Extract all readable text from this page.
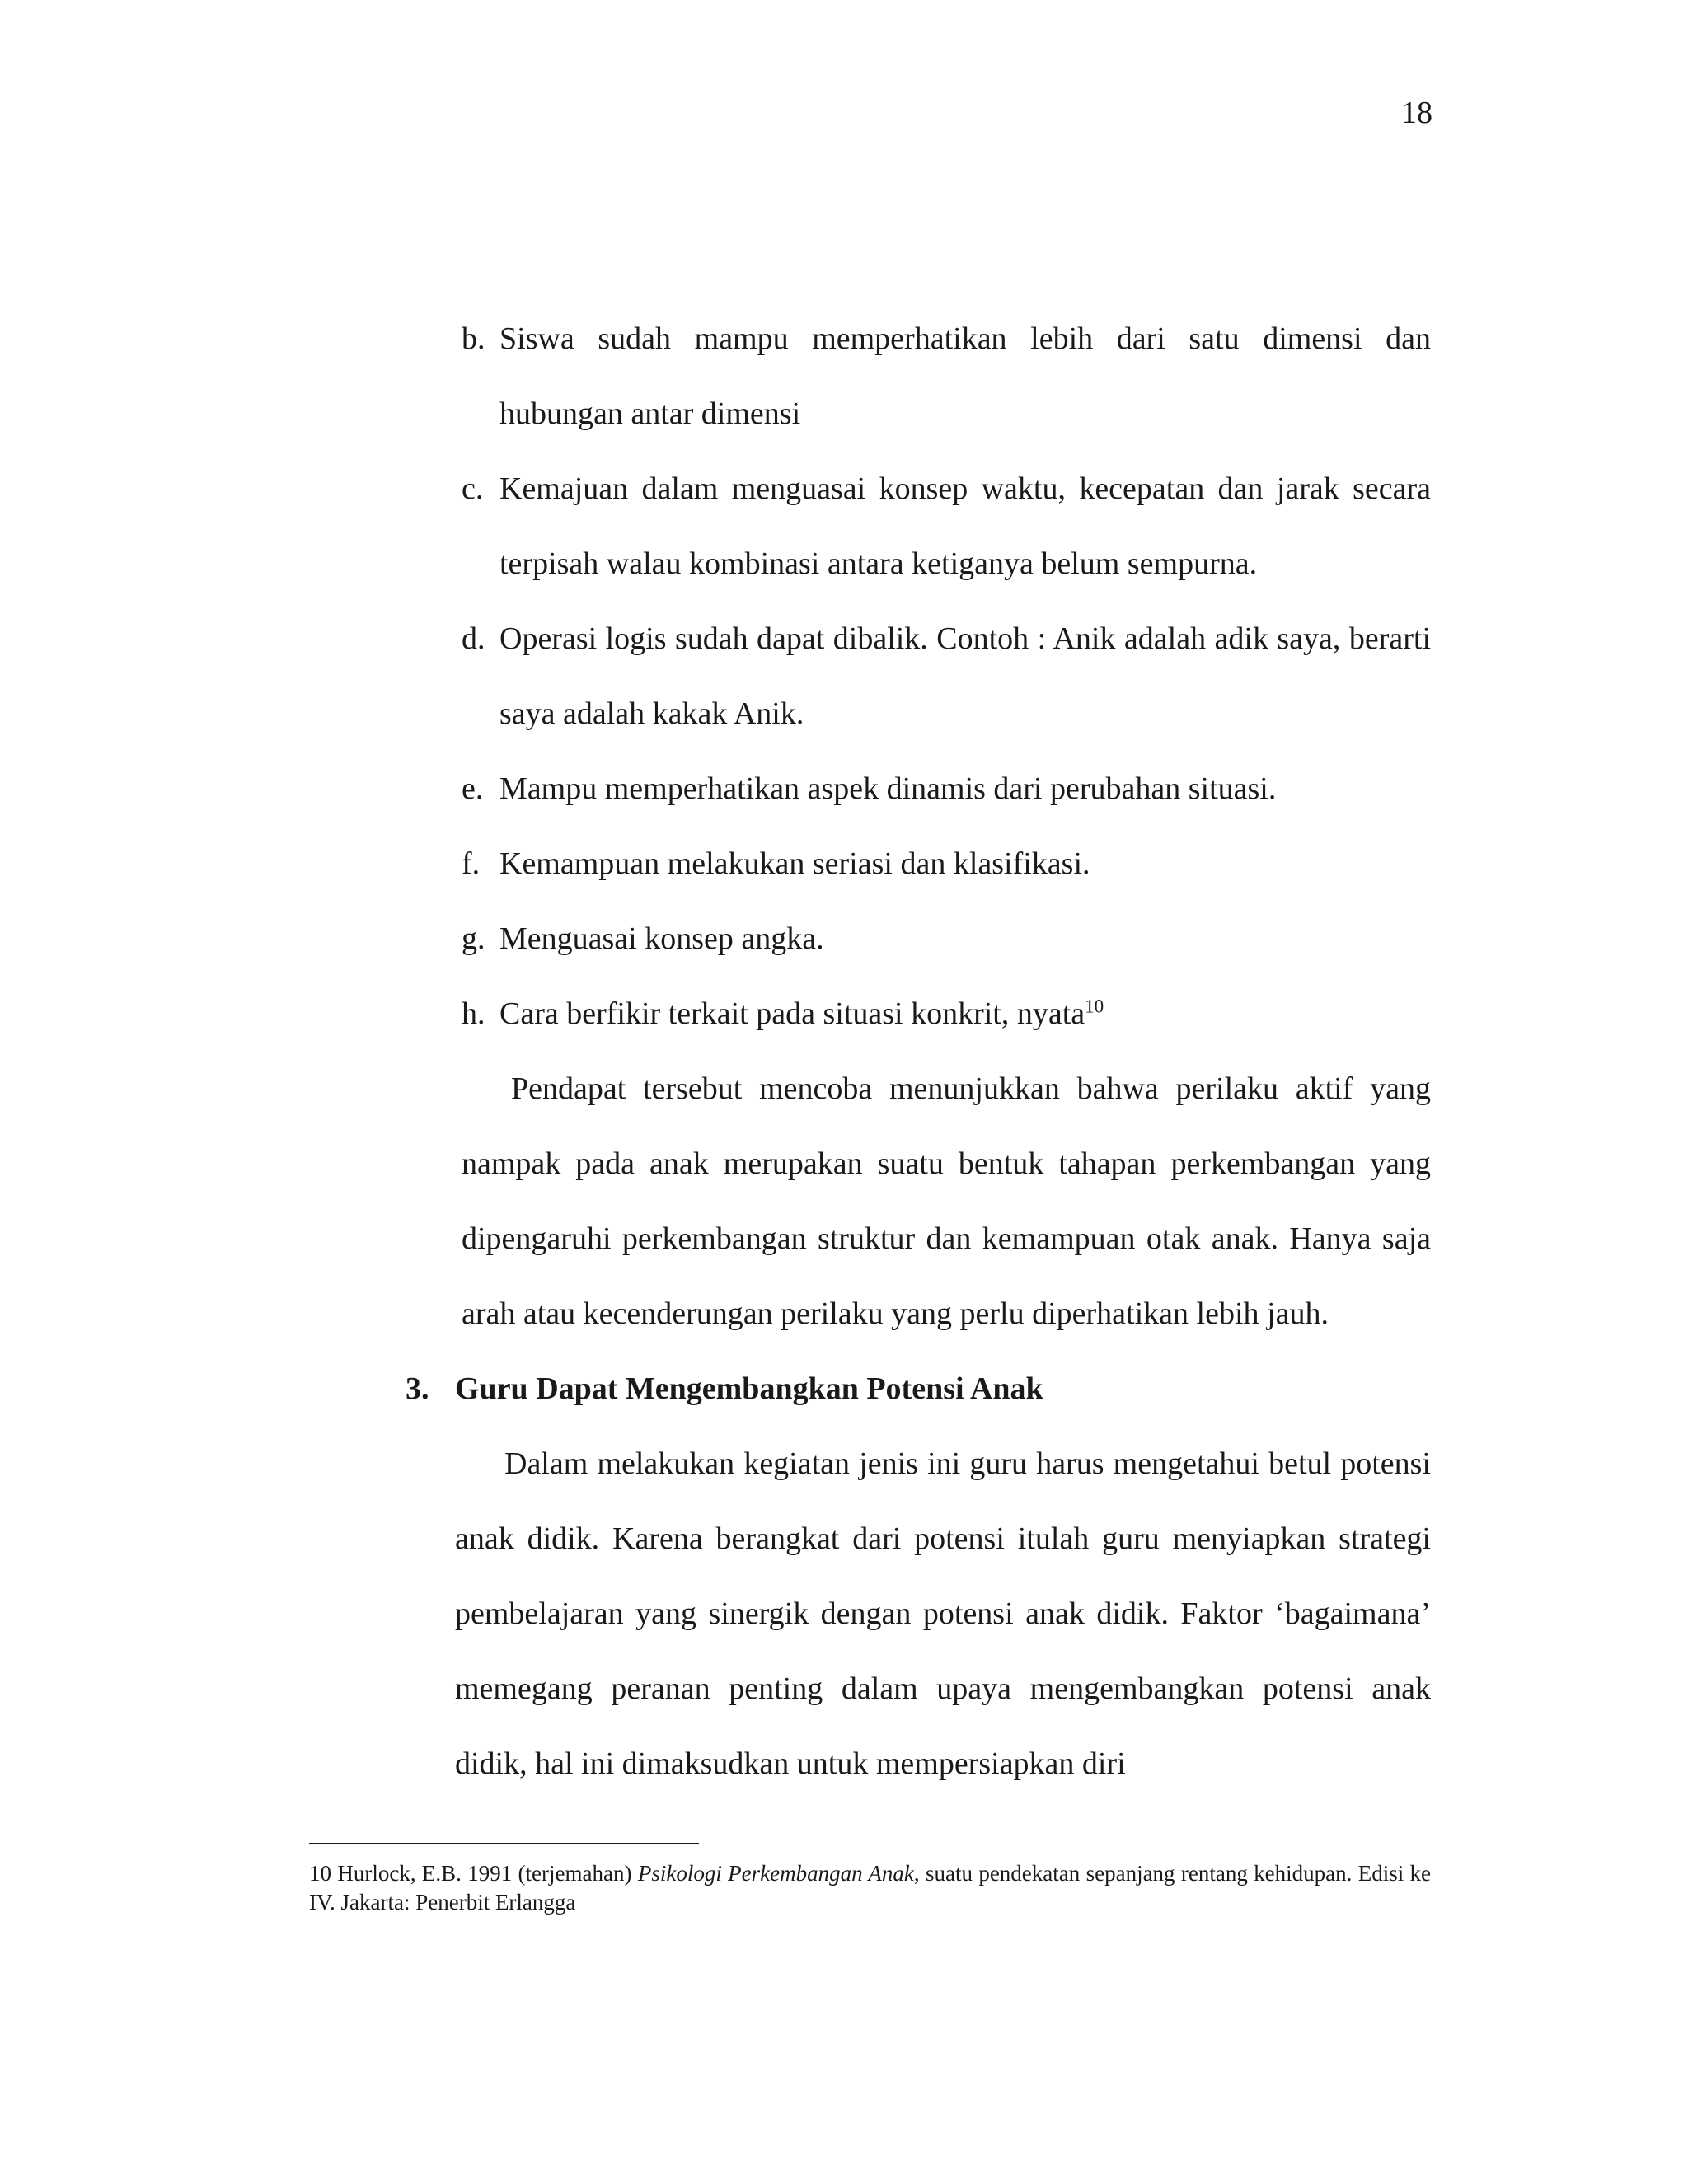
18
b. Siswa sudah mampu memperhatikan lebih dari satu dimensi dan hubungan antar dimensi
c. Kemajuan dalam menguasai konsep waktu, kecepatan dan jarak secara terpisah walau kombinasi antara ketiganya belum sempurna.
d. Operasi logis sudah dapat dibalik. Contoh : Anik adalah adik saya, berarti saya adalah kakak Anik.
e. Mampu memperhatikan aspek dinamis dari perubahan situasi.
f. Kemampuan melakukan seriasi dan klasifikasi.
g. Menguasai konsep angka.
h. Cara berfikir terkait pada situasi konkrit, nyata$^{10}$
Pendapat tersebut mencoba menunjukkan bahwa perilaku aktif yang nampak pada anak merupakan suatu bentuk tahapan perkembangan yang dipengaruhi perkembangan struktur dan kemampuan otak anak. Hanya saja arah atau kecenderungan perilaku yang perlu diperhatikan lebih jauh.
3. Guru Dapat Mengembangkan Potensi Anak
Dalam melakukan kegiatan jenis ini guru harus mengetahui betul potensi anak didik. Karena berangkat dari potensi itulah guru menyiapkan strategi pembelajaran yang sinergik dengan potensi anak didik. Faktor ‘bagaimana’ memegang peranan penting dalam upaya mengembangkan potensi anak didik, hal ini dimaksudkan untuk mempersiapkan diri
10 Hurlock, E.B. 1991 (terjemahan) Psikologi Perkembangan Anak, suatu pendekatan sepanjang rentang kehidupan. Edisi ke IV. Jakarta: Penerbit Erlangga
